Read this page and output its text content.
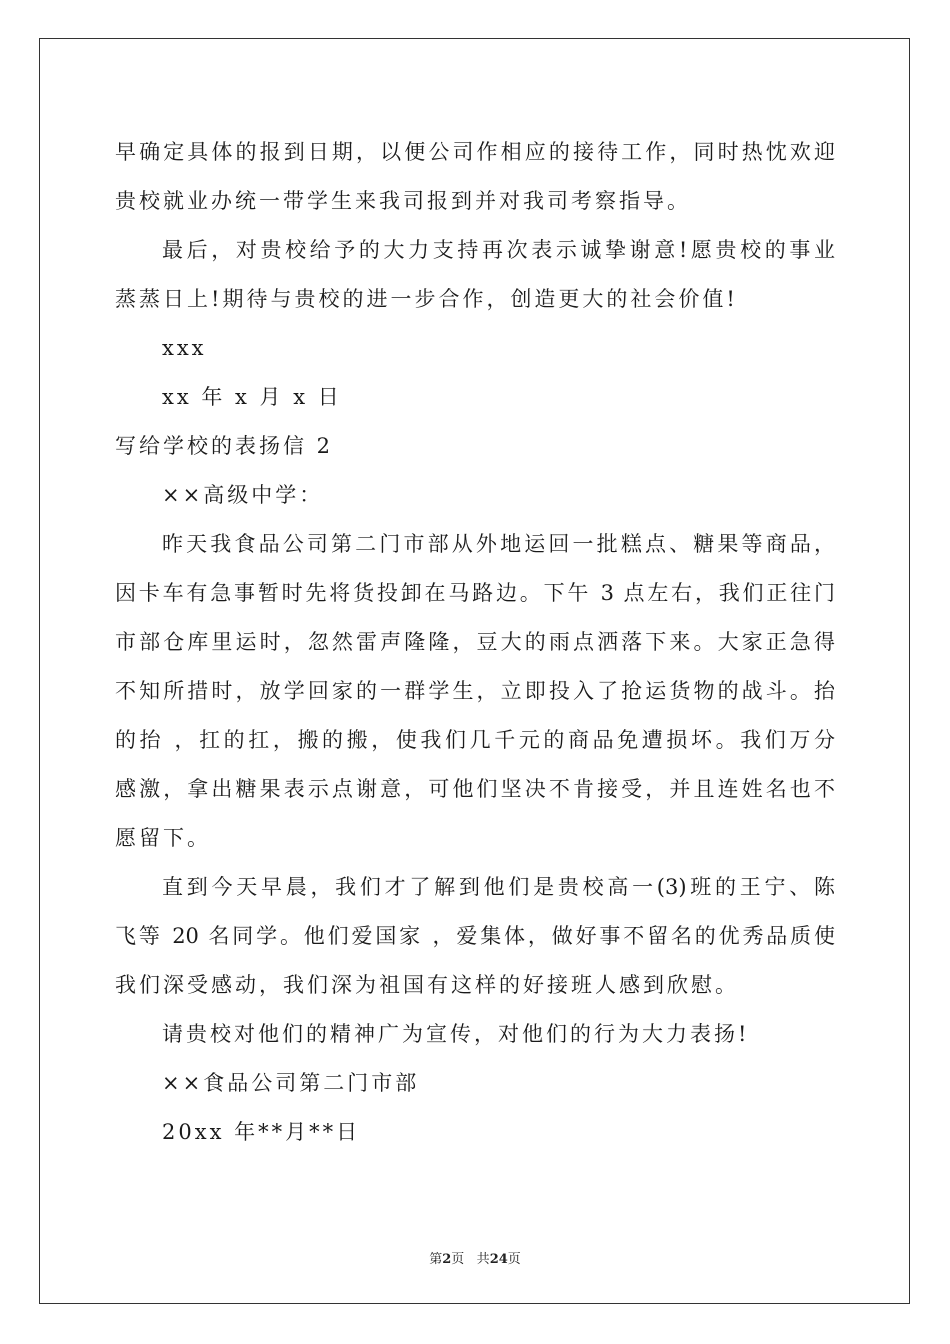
早确定具体的报到日期，以便公司作相应的接待工作，同时热忱欢迎
贵校就业办统一带学生来我司报到并对我司考察指导。
最后，对贵校给予的大力支持再次表示诚挚谢意!愿贵校的事业
蒸蒸日上!期待与贵校的进一步合作，创造更大的社会价值!
xxx
xx 年 x 月 x 日
写给学校的表扬信 2
××高级中学：
昨天我食品公司第二门市部从外地运回一批糕点、糖果等商品，
因卡车有急事暂时先将货投卸在马路边。下午 3 点左右，我们正往门
市部仓库里运时，忽然雷声隆隆，豆大的雨点洒落下来。大家正急得
不知所措时，放学回家的一群学生，立即投入了抢运货物的战斗。抬
的抬 ，扛的扛，搬的搬，使我们几千元的商品免遭损坏。我们万分
感激，拿出糖果表示点谢意，可他们坚决不肯接受，并且连姓名也不
愿留下。
直到今天早晨，我们才了解到他们是贵校高一(3)班的王宁、陈
飞等 20 名同学。他们爱国家 ，爱集体，做好事不留名的优秀品质使
我们深受感动，我们深为祖国有这样的好接班人感到欣慰。
请贵校对他们的精神广为宣传，对他们的行为大力表扬!
××食品公司第二门市部
20xx 年**月**日
第2页 共24页
